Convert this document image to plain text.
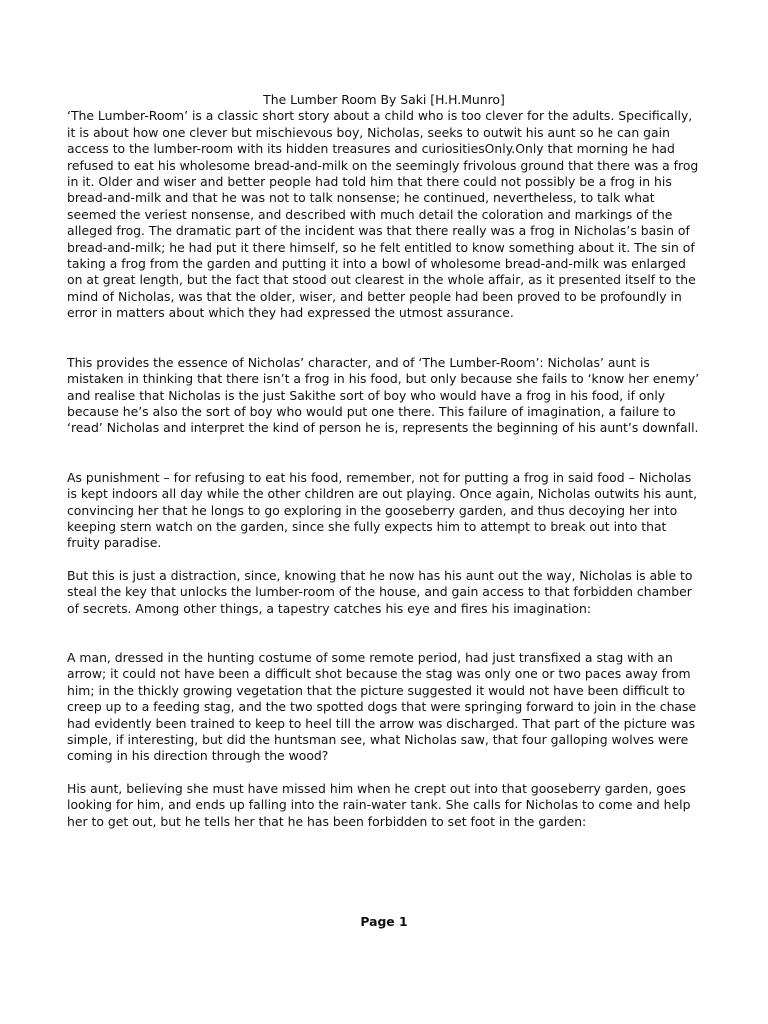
The Lumber Room By Saki [H.H.Munro]

‘The Lumber-Room’ is a classic short story about a child who is too clever for the adults. Specifically, it is about how one clever but mischievous boy, Nicholas, seeks to outwit his aunt so he can gain access to the lumber-room with its hidden treasures and curiositiesOnly.Only that morning he had refused to eat his wholesome bread-and-milk on the seemingly frivolous ground that there was a frog in it. Older and wiser and better people had told him that there could not possibly be a frog in his bread-and-milk and that he was not to talk nonsense; he continued, nevertheless, to talk what seemed the veriest nonsense, and described with much detail the coloration and markings of the alleged frog. The dramatic part of the incident was that there really was a frog in Nicholas’s basin of bread-and-milk; he had put it there himself, so he felt entitled to know something about it. The sin of taking a frog from the garden and putting it into a bowl of wholesome bread-and-milk was enlarged on at great length, but the fact that stood out clearest in the whole affair, as it presented itself to the mind of Nicholas, was that the older, wiser, and better people had been proved to be profoundly in error in matters about which they had expressed the utmost assurance.

This provides the essence of Nicholas’ character, and of ‘The Lumber-Room’: Nicholas’ aunt is mistaken in thinking that there isn’t a frog in his food, but only because she fails to ‘know her enemy’ and realise that Nicholas is the just Sakithe sort of boy who would have a frog in his food, if only because he’s also the sort of boy who would put one there. This failure of imagination, a failure to ‘read’ Nicholas and interpret the kind of person he is, represents the beginning of his aunt’s downfall.

As punishment – for refusing to eat his food, remember, not for putting a frog in said food – Nicholas is kept indoors all day while the other children are out playing. Once again, Nicholas outwits his aunt, convincing her that he longs to go exploring in the gooseberry garden, and thus decoying her into keeping stern watch on the garden, since she fully expects him to attempt to break out into that fruity paradise.

But this is just a distraction, since, knowing that he now has his aunt out the way, Nicholas is able to steal the key that unlocks the lumber-room of the house, and gain access to that forbidden chamber of secrets. Among other things, a tapestry catches his eye and fires his imagination:

A man, dressed in the hunting costume of some remote period, had just transfixed a stag with an arrow; it could not have been a difficult shot because the stag was only one or two paces away from him; in the thickly growing vegetation that the picture suggested it would not have been difficult to creep up to a feeding stag, and the two spotted dogs that were springing forward to join in the chase had evidently been trained to keep to heel till the arrow was discharged. That part of the picture was simple, if interesting, but did the huntsman see, what Nicholas saw, that four galloping wolves were coming in his direction through the wood?

His aunt, believing she must have missed him when he crept out into that gooseberry garden, goes looking for him, and ends up falling into the rain-water tank. She calls for Nicholas to come and help her to get out, but he tells her that he has been forbidden to set foot in the garden:

Page 1
